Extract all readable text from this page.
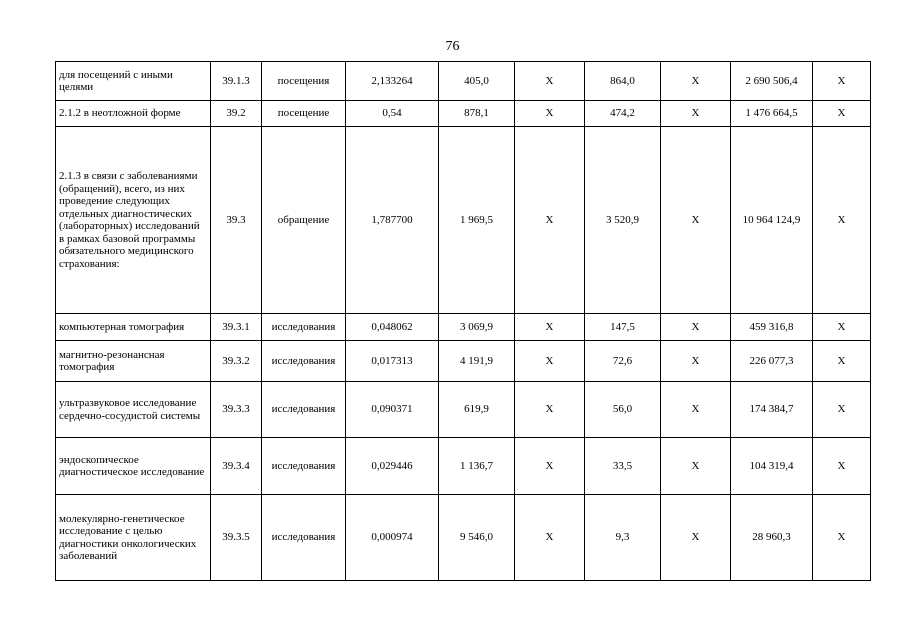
76
для посещений с иными целями	39.1.3	посещения	2,133264	405,0	Х	864,0	Х	2 690 506,4	Х
2.1.2 в неотложной форме	39.2	посещение	0,54	878,1	Х	474,2	Х	1 476 664,5	Х
2.1.3 в связи с заболеваниями (обращений), всего, из них проведение следующих отдельных диагностических (лабораторных) исследований в рамках базовой программы обязательного медицинского страхования:	39.3	обращение	1,787700	1 969,5	Х	3 520,9	Х	10 964 124,9	Х
компьютерная томография	39.3.1	исследования	0,048062	3 069,9	Х	147,5	Х	459 316,8	Х
магнитно-резонансная томография	39.3.2	исследования	0,017313	4 191,9	Х	72,6	Х	226 077,3	Х
ультразвуковое исследование сердечно-сосудистой системы	39.3.3	исследования	0,090371	619,9	Х	56,0	Х	174 384,7	Х
эндоскопическое диагностическое исследование	39.3.4	исследования	0,029446	1 136,7	Х	33,5	Х	104 319,4	Х
молекулярно-генетическое исследование с целью диагностики онкологических заболеваний	39.3.5	исследования	0,000974	9 546,0	Х	9,3	Х	28 960,3	Х
